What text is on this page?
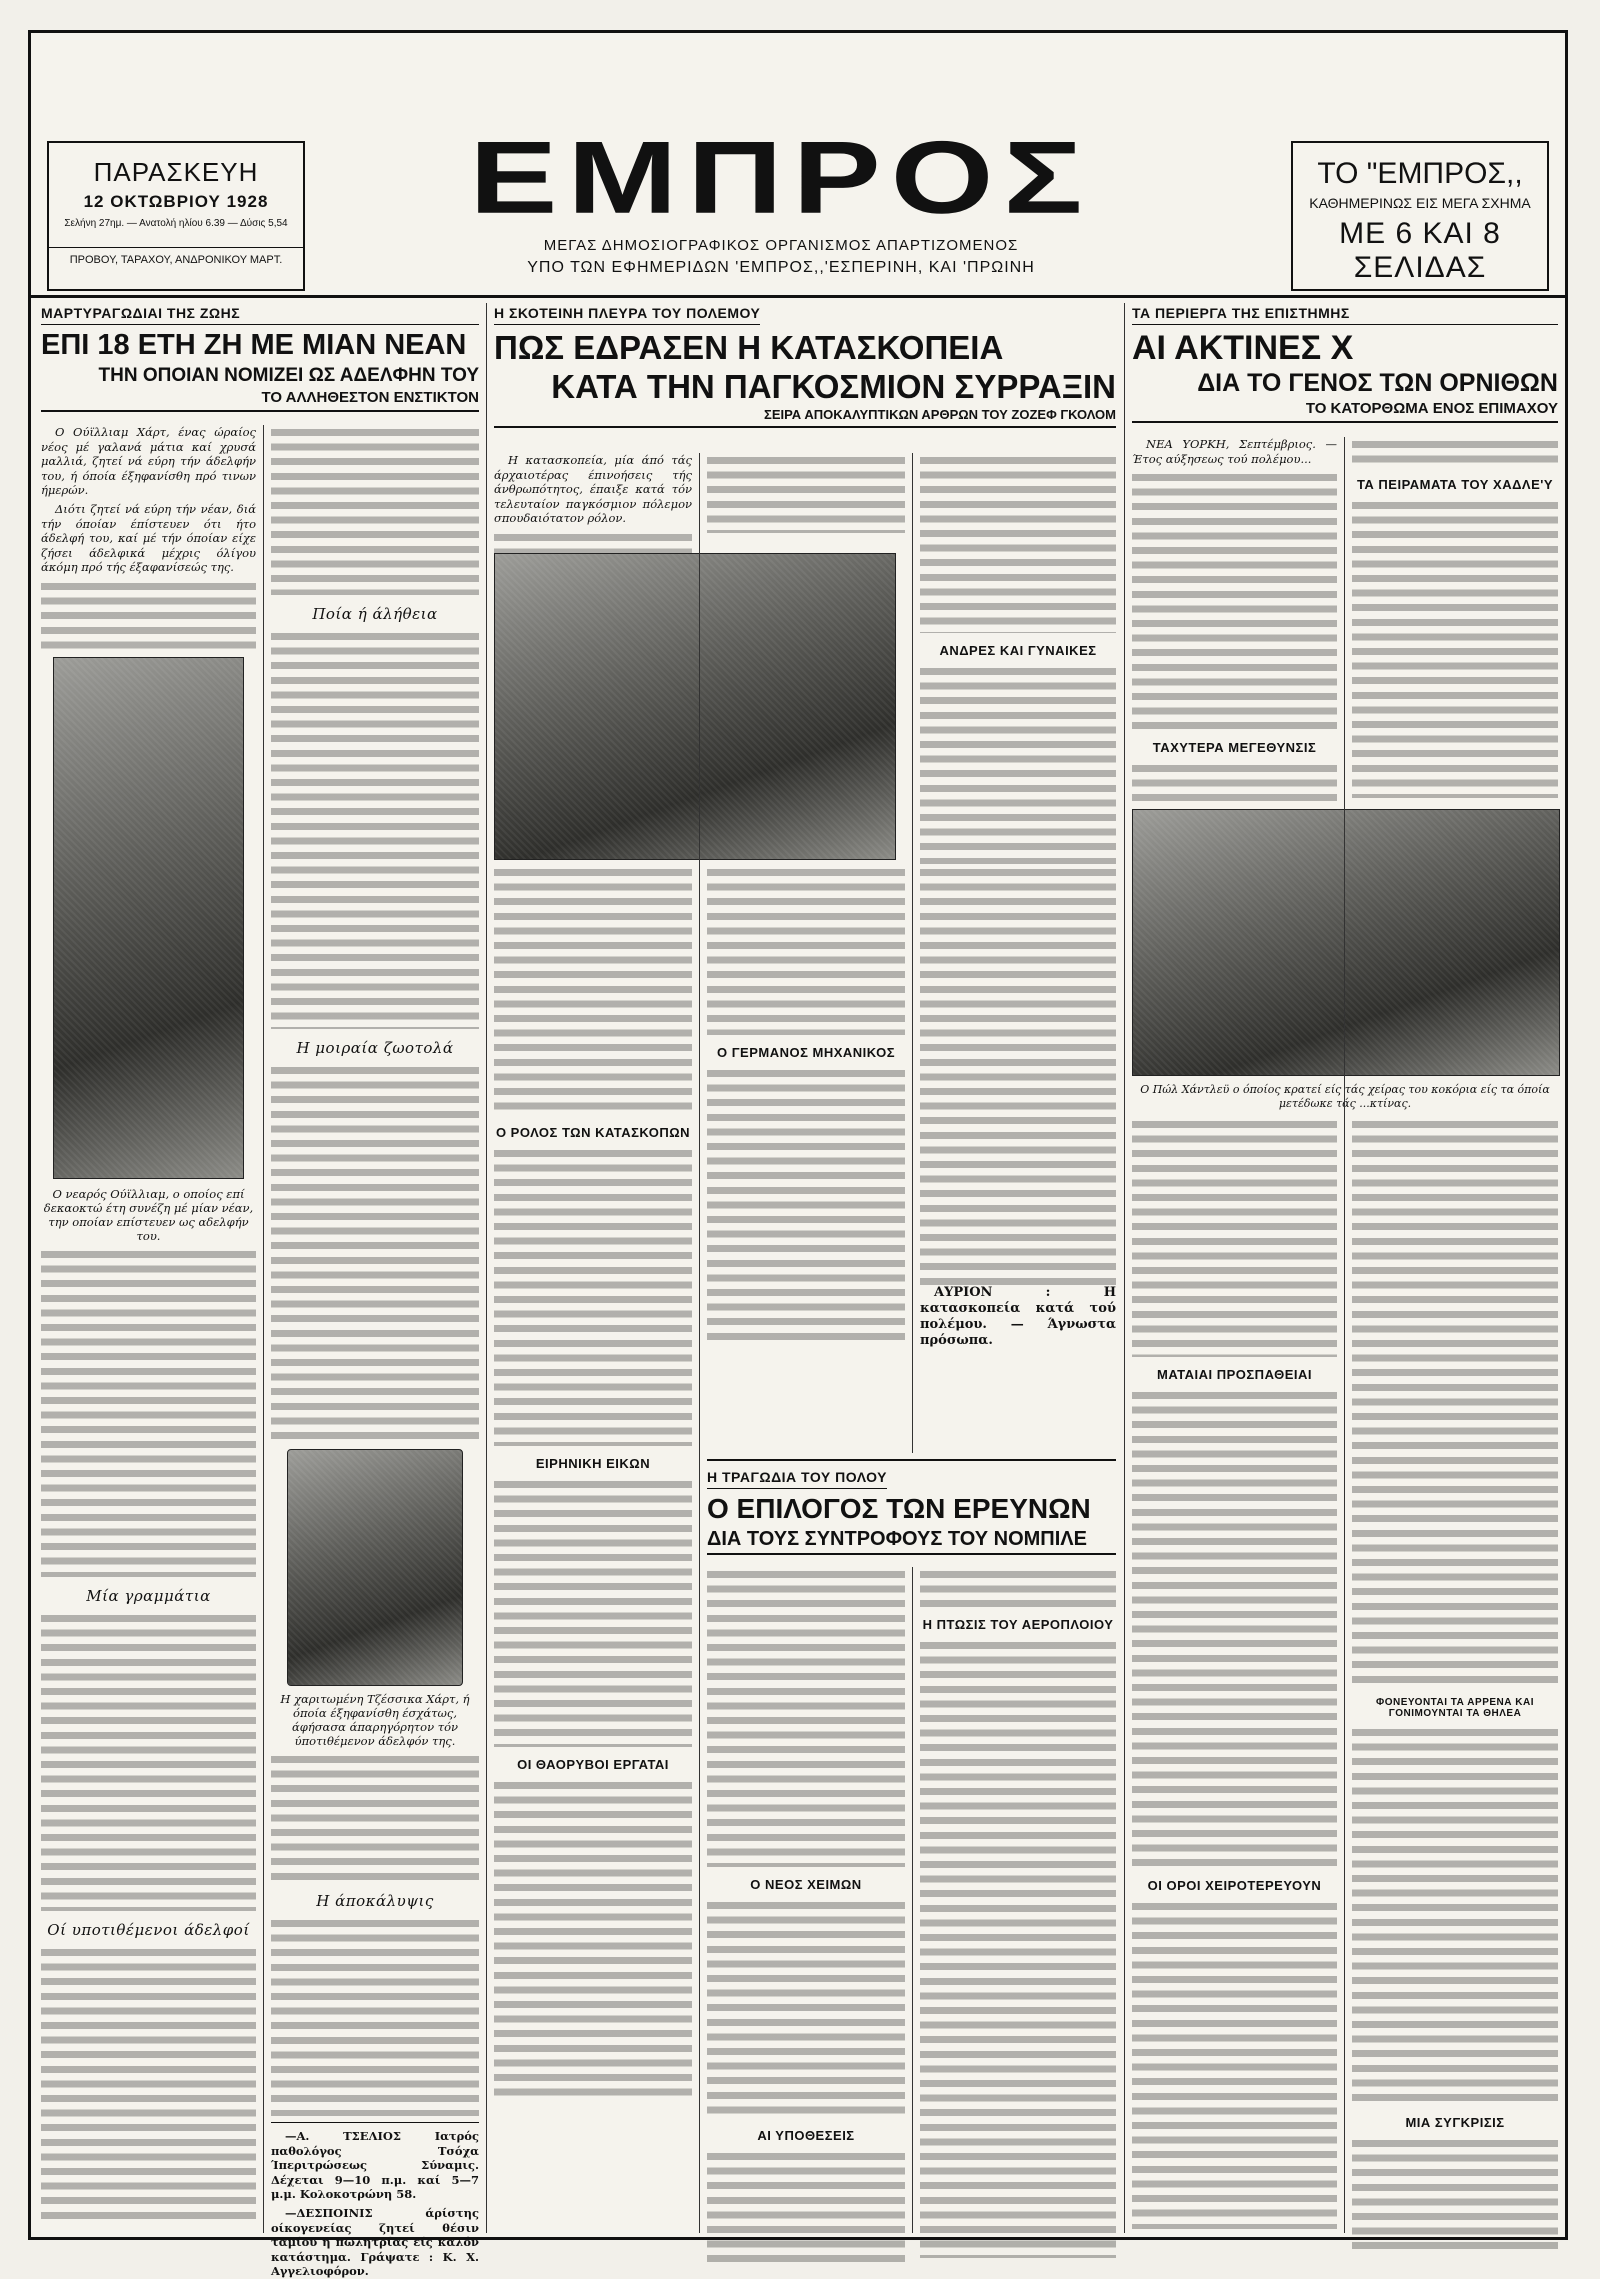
ΠΑΡΑΣΚΕΥΗ
12 ΟΚΤΩΒΡΙΟΥ 1928
Σελήνη 27ημ. — Ανατολή ηλίου 6.39 — Δύσις 5,54
ΠΡΟΒΟΥ, ΤΑΡΑΧΟΥ, ΑΝΔΡΟΝΙΚΟΥ ΜΑΡΤ.
ΕΜΠΡΟΣ
ΜΕΓΑΣ ΔΗΜΟΣΙΟΓΡΑΦΙΚΟΣ ΟΡΓΑΝΙΣΜΟΣ ΑΠΑΡΤΙΖΟΜΕΝΟΣ
ΥΠΟ ΤΩΝ ΕΦΗΜΕΡΙΔΩΝ 'ΕΜΠΡΟΣ,,'ΕΣΠΕΡΙΝΗ, ΚΑΙ 'ΠΡΩΙΝΗ
ΤΟ "ΕΜΠΡΟΣ,,
ΚΑΘΗΜΕΡΙΝΩΣ ΕΙΣ ΜΕΓΑ ΣΧΗΜΑ
ΜΕ 6 ΚΑΙ 8 ΣΕΛΙΔΑΣ
ΜΑΡΤΥΡΑΓΩΔΙΑΙ ΤΗΣ ΖΩΗΣ
ΕΠΙ 18 ΕΤΗ ΖΗ ΜΕ ΜΙΑΝ ΝΕΑΝ
ΤΗΝ ΟΠΟΙΑΝ ΝΟΜΙΖΕΙ ΩΣ ΑΔΕΛΦΗΝ ΤΟΥ
ΤΟ ΑΛΛΗΘΕΣΤΟΝ ΕΝΣΤΙΚΤΟΝ

Ο Ούϊλλιαμ Χάρτ, ένας ώραίος νέος μέ γαλανά μάτια καί χρυσά μαλλιά, ζητεί νά εύρη τήν άδελφήν του, ή όποία έξηφανίσθη πρό τινων ήμερών.

Διότι ζητεί νά εύρη τήν νέαν, διά τήν όποίαν έπίστευεν ότι ήτο άδελφή του, καί μέ τήν όποίαν είχε ζήσει άδελφικά μέχρις όλίγου άκόμη πρό τής έξαφανίσεώς της.

Ο νεαρός Ούϊλλιαμ, ο οποίος επί δεκαοκτώ έτη συνέζη μέ μίαν νέαν, την οποίαν επίστευεν ως αδελφήν του.
Μία γραμμάτια
Οί υποτιθέμενοι άδελφοί
Ποία ή άλήθεια
Η μοιραία ζωοτολά
Η χαριτωμένη Τζέσσικα Χάρτ, ή όποία έξηφανίσθη έσχάτως, άφήσασα άπαρηγόρητον τόν ύποτιθέμενον άδελφόν της.
Η άποκάλυψις

—Α. ΤΣΕΛΙΟΣ Ιατρός παθολόγος Τσόχα Ίπεριτρώσεως Σύναμις. Δέχεται 9—10 π.μ. καί 5—7 μ.μ. Κολοκοτρώνη 58.

—ΔΕΣΠΟΙΝΙΣ άρίστης οίκογενείας ζητεί θέσιν ταμίου ή πωλητρίας είς καλόν κατάστημα. Γράψατε : Κ. Χ. Αγγελιοφόρον.

Η ΣΚΟΤΕΙΝΗ ΠΛΕΥΡΑ ΤΟΥ ΠΟΛΕΜΟΥ
ΠΩΣ ΕΔΡΑΣΕΝ Η ΚΑΤΑΣΚΟΠΕΙΑ
ΚΑΤΑ ΤΗΝ ΠΑΓΚΟΣΜΙΟΝ ΣΥΡΡΑΞΙΝ
ΣΕΙΡΑ ΑΠΟΚΑΛΥΠΤΙΚΩΝ ΑΡΘΡΩΝ ΤΟΥ ΖΟΖΕΦ ΓΚΟΛΟΜ

Η κατασκοπεία, μία άπό τάς άρχαιοτέρας έπινοήσεις τής άνθρωπότητος, έπαιξε κατά τόν τελευταίον παγκόσμιον πόλεμον σπουδαιότατον ρόλον.

Ο ΡΟΛΟΣ ΤΩΝ ΚΑΤΑΣΚΟΠΩΝ
ΕΙΡΗΝΙΚΗ ΕΙΚΩΝ
ΟΙ ΘΑΟΡΥΒΟΙ ΕΡΓΑΤΑΙ
Ο ΓΕΡΜΑΝΟΣ ΜΗΧΑΝΙΚΟΣ
ΑΝΔΡΕΣ ΚΑΙ ΓΥΝΑΙΚΕΣ

ΑΥΡΙΟΝ : Η κατασκοπεία κατά τού πολέμου. — Άγνωστα πρόσωπα.

Η ΤΡΑΓΩΔΙΑ ΤΟΥ ΠΟΛΟΥ
Ο ΕΠΙΛΟΓΟΣ ΤΩΝ ΕΡΕΥΝΩΝ
ΔΙΑ ΤΟΥΣ ΣΥΝΤΡΟΦΟΥΣ ΤΟΥ ΝΟΜΠΙΛΕ
Ο ΝΕΟΣ ΧΕΙΜΩΝ
ΑΙ ΥΠΟΘΕΣΕΙΣ
Η ΠΤΩΣΙΣ ΤΟΥ ΑΕΡΟΠΛΟΙΟΥ
ΤΑ ΠΕΡΙΕΡΓΑ ΤΗΣ ΕΠΙΣΤΗΜΗΣ
ΑΙ ΑΚΤΙΝΕΣ Χ
ΔΙΑ ΤΟ ΓΕΝΟΣ ΤΩΝ ΟΡΝΙΘΩΝ
ΤΟ ΚΑΤΟΡΘΩΜΑ ΕΝΟΣ ΕΠΙΜΑΧΟΥ

ΝΕΑ ΥΟΡΚΗ, Σεπτέμβριος. — Έτος αύξησεως τού πολέμου...

ΤΑΧΥΤΕΡΑ ΜΕΓΕΘΥΝΣΙΣ
Ο Πώλ Χάντλεϋ ο όποίος κρατεί είς τάς χείρας του κοκόρια είς τα όποία μετέδωκε τάς ...κτίνας.
ΜΑΤΑΙΑΙ ΠΡΟΣΠΑΘΕΙΑΙ
ΟΙ ΟΡΟΙ ΧΕΙΡΟΤΕΡΕΥΟΥΝ
ΤΑ ΠΕΙΡΑΜΑΤΑ ΤΟΥ ΧΑΔΛΕ'Υ
ΦΟΝΕΥΟΝΤΑΙ ΤΑ ΑΡΡΕΝΑ ΚΑΙ ΓΟΝΙΜΟΥΝΤΑΙ ΤΑ ΘΗΛΕΑ
ΜΙΑ ΣΥΓΚΡΙΣΙΣ
